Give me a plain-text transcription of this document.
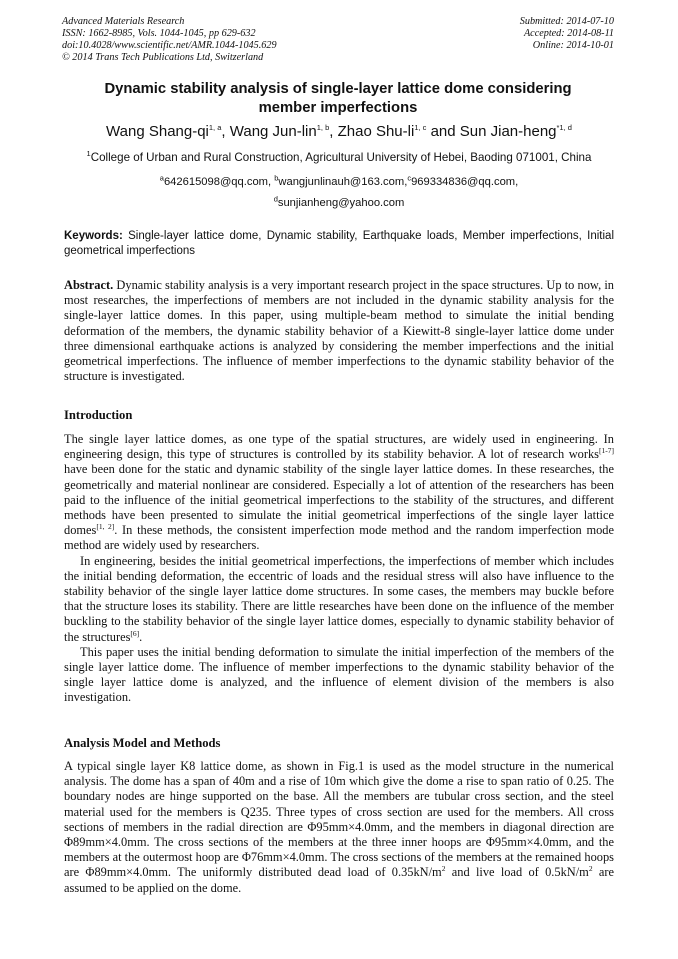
Advanced Materials Research
ISSN: 1662-8985, Vols. 1044-1045, pp 629-632
doi:10.4028/www.scientific.net/AMR.1044-1045.629
© 2014 Trans Tech Publications Ltd, Switzerland
Submitted: 2014-07-10
Accepted: 2014-08-11
Online: 2014-10-01
Dynamic stability analysis of single-layer lattice dome considering
member imperfections
Wang Shang-qi$^{1, a}$, Wang Jun-lin$^{1, b}$, Zhao Shu-li$^{1, c}$ and Sun Jian-heng$^{*1, d}$
$^1$College of Urban and Rural Construction, Agricultural University of Hebei, Baoding 071001, China
$^a$642615098@qq.com, $^b$wangjunlinauh@163.com,$^c$969334836@qq.com,
$^d$sunjianheng@yahoo.com
Keywords: Single-layer lattice dome, Dynamic stability, Earthquake loads, Member imperfections, Initial geometrical imperfections
Abstract. Dynamic stability analysis is a very important research project in the space structures. Up to now, in most researches, the imperfections of members are not included in the dynamic stability analysis for the single-layer lattice domes. In this paper, using multiple-beam method to simulate the initial bending deformation of the members, the dynamic stability behavior of a Kiewitt-8 single-layer lattice dome under three dimensional earthquake actions is analyzed by considering the member imperfections and the initial geometrical imperfections. The influence of member imperfections to the dynamic stability behavior of the structure is investigated.
Introduction

The single layer lattice domes, as one type of the spatial structures, are widely used in engineering. In engineering design, this type of structures is controlled by its stability behavior. A lot of research works[1-7] have been done for the static and dynamic stability of the single layer lattice domes. In these researches, the geometrically and material nonlinear are considered. Especially a lot of attention of the researchers has been paid to the influence of the initial geometrical imperfections to the stability of the structures, and different methods have been presented to simulate the initial geometrical imperfections of the single layer lattice domes[1, 2]. In these methods, the consistent imperfection mode method and the random imperfection mode method are widely used by researchers.

In engineering, besides the initial geometrical imperfections, the imperfections of member which includes the initial bending deformation, the eccentric of loads and the residual stress will also have influence to the stability behavior of the single layer lattice dome structures. In some cases, the members may buckle before that the structure loses its stability. There are little researches have been done on the influence of the member buckling to the stability behavior of the single layer lattice domes, especially to dynamic stability behavior of the structures[6].

This paper uses the initial bending deformation to simulate the initial imperfection of the members of the single layer lattice dome. The influence of member imperfections to the dynamic stability behavior of the single layer lattice dome is analyzed, and the influence of element division of the members is also investigation.

Analysis Model and Methods

A typical single layer K8 lattice dome, as shown in Fig.1 is used as the model structure in the numerical analysis. The dome has a span of 40m and a rise of 10m which give the dome a rise to span ratio of 0.25. The boundary nodes are hinge supported on the base. All the members are tubular cross section, and the steel material used for the members is Q235. Three types of cross section are used for the members. All cross sections of members in the radial direction are Φ95mm×4.0mm, and the members in diagonal direction are Φ89mm×4.0mm. The cross sections of the members at the three inner hoops are Φ95mm×4.0mm, and the members at the outermost hoop are Φ76mm×4.0mm. The cross sections of the members at the remained hoops are Φ89mm×4.0mm. The uniformly distributed dead load of $0.35kN/m^2$ and live load of $0.5kN/m^2$ are assumed to be applied on the dome.
